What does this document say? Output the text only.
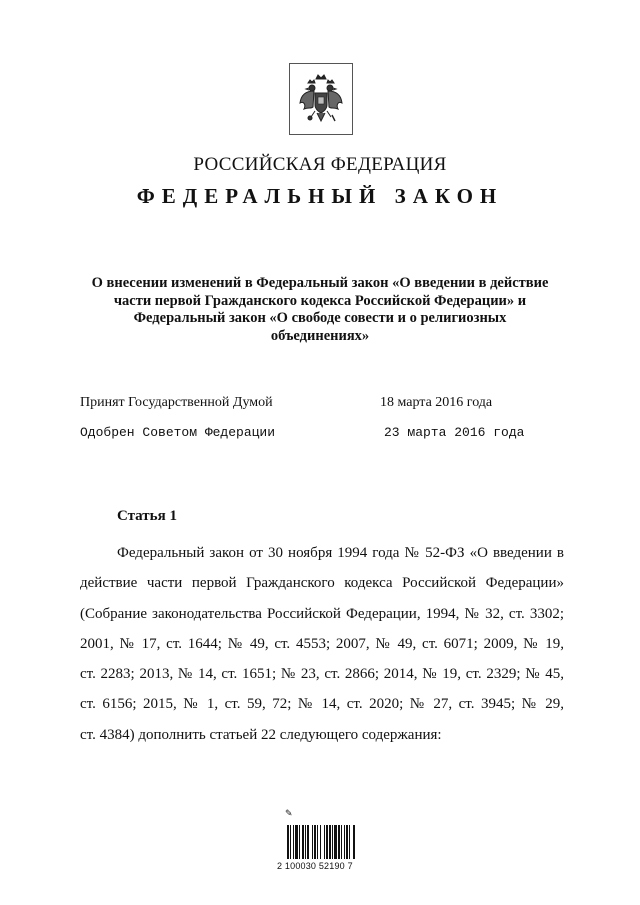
РОССИЙСКАЯ ФЕДЕРАЦИЯ
ФЕДЕРАЛЬНЫЙ ЗАКОН
О внесении изменений в Федеральный закон «О введении в действие
части первой Гражданского кодекса Российской Федерации» и
Федеральный закон «О свободе совести и о религиозных
объединениях»
Принят Государственной Думой	18 марта 2016 года
Одобрен Советом Федерации	23 марта 2016 года
Статья 1
Федеральный закон от 30 ноября 1994 года № 52-ФЗ «О введении в
действие части первой Гражданского кодекса Российской Федерации»
(Собрание законодательства Российской Федерации, 1994, № 32, ст. 3302;
2001, № 17, ст. 1644; № 49, ст. 4553; 2007, № 49, ст. 6071; 2009, № 19,
ст. 2283; 2013, № 14, ст. 1651; № 23, ст. 2866; 2014, № 19, ст. 2329; № 45,
ст. 6156; 2015, № 1, ст. 59, 72; № 14, ст. 2020; № 27, ст. 3945; № 29,
ст. 4384) дополнить статьей 22 следующего содержания:
✎
2 100030 52190 7
